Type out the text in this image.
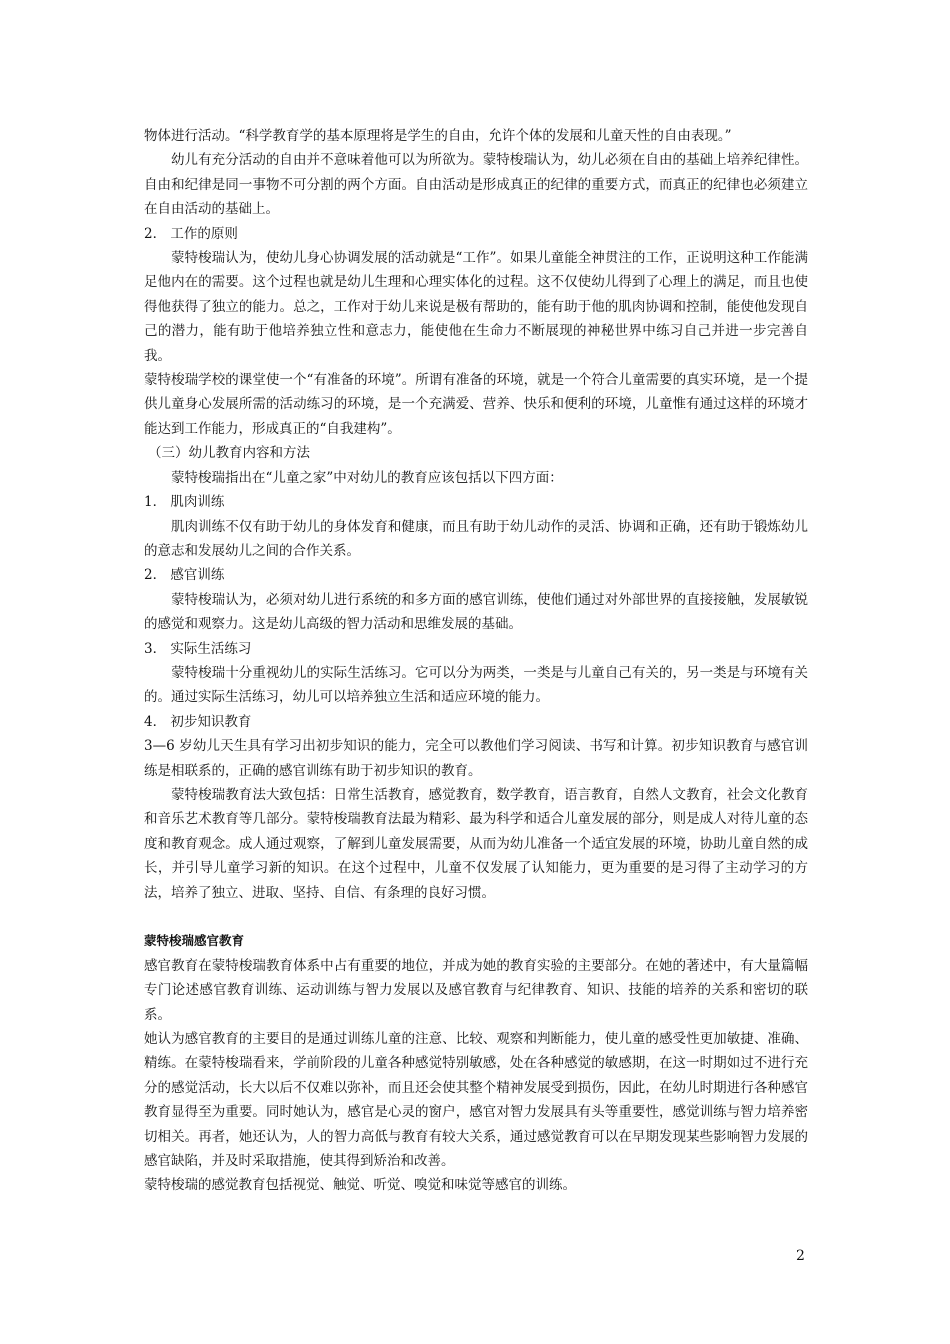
物体进行活动。“科学教育学的基本原理将是学生的自由，允许个体的发展和儿童天性的自由表现。”

幼儿有充分活动的自由并不意味着他可以为所欲为。蒙特梭瑞认为，幼儿必须在自由的基础上培养纪律性。自由和纪律是同一事物不可分割的两个方面。自由活动是形成真正的纪律的重要方式，而真正的纪律也必须建立在自由活动的基础上。

2． 工作的原则

蒙特梭瑞认为，使幼儿身心协调发展的活动就是“工作”。如果儿童能全神贯注的工作，正说明这种工作能满足他内在的需要。这个过程也就是幼儿生理和心理实体化的过程。这不仅使幼儿得到了心理上的满足，而且也使得他获得了独立的能力。总之，工作对于幼儿来说是极有帮助的，能有助于他的肌肉协调和控制，能使他发现自己的潜力，能有助于他培养独立性和意志力，能使他在生命力不断展现的神秘世界中练习自己并进一步完善自我。

蒙特梭瑞学校的课堂使一个“有准备的环境”。所谓有准备的环境，就是一个符合儿童需要的真实环境，是一个提供儿童身心发展所需的活动练习的环境，是一个充满爱、营养、快乐和便利的环境，儿童惟有通过这样的环境才能达到工作能力，形成真正的“自我建构”。

（三）幼儿教育内容和方法

蒙特梭瑞指出在“儿童之家”中对幼儿的教育应该包括以下四方面：

1． 肌肉训练

肌肉训练不仅有助于幼儿的身体发育和健康，而且有助于幼儿动作的灵活、协调和正确，还有助于锻炼幼儿的意志和发展幼儿之间的合作关系。

2． 感官训练

蒙特梭瑞认为，必须对幼儿进行系统的和多方面的感官训练，使他们通过对外部世界的直接接触，发展敏锐的感觉和观察力。这是幼儿高级的智力活动和思维发展的基础。

3． 实际生活练习

蒙特梭瑞十分重视幼儿的实际生活练习。它可以分为两类，一类是与儿童自己有关的，另一类是与环境有关的。通过实际生活练习，幼儿可以培养独立生活和适应环境的能力。

4． 初步知识教育

3—6 岁幼儿天生具有学习出初步知识的能力，完全可以教他们学习阅读、书写和计算。初步知识教育与感官训练是相联系的，正确的感官训练有助于初步知识的教育。

蒙特梭瑞教育法大致包括：日常生活教育，感觉教育，数学教育，语言教育，自然人文教育，社会文化教育和音乐艺术教育等几部分。蒙特梭瑞教育法最为精彩、最为科学和适合儿童发展的部分，则是成人对待儿童的态度和教育观念。成人通过观察，了解到儿童发展需要，从而为幼儿准备一个适宜发展的环境，协助儿童自然的成长，并引导儿童学习新的知识。在这个过程中，儿童不仅发展了认知能力，更为重要的是习得了主动学习的方法，培养了独立、进取、坚持、自信、有条理的良好习惯。

蒙特梭瑞感官教育

感官教育在蒙特梭瑞教育体系中占有重要的地位，并成为她的教育实验的主要部分。在她的著述中，有大量篇幅专门论述感官教育训练、运动训练与智力发展以及感官教育与纪律教育、知识、技能的培养的关系和密切的联系。

她认为感官教育的主要目的是通过训练儿童的注意、比较、观察和判断能力，使儿童的感受性更加敏捷、准确、精练。在蒙特梭瑞看来，学前阶段的儿童各种感觉特别敏感，处在各种感觉的敏感期，在这一时期如过不进行充分的感觉活动，长大以后不仅难以弥补，而且还会使其整个精神发展受到损伤，因此，在幼儿时期进行各种感官教育显得至为重要。同时她认为，感官是心灵的窗户，感官对智力发展具有头等重要性，感觉训练与智力培养密切相关。再者，她还认为，人的智力高低与教育有较大关系，通过感觉教育可以在早期发现某些影响智力发展的感官缺陷，并及时采取措施，使其得到矫治和改善。

蒙特梭瑞的感觉教育包括视觉、触觉、听觉、嗅觉和味觉等感官的训练。

2
